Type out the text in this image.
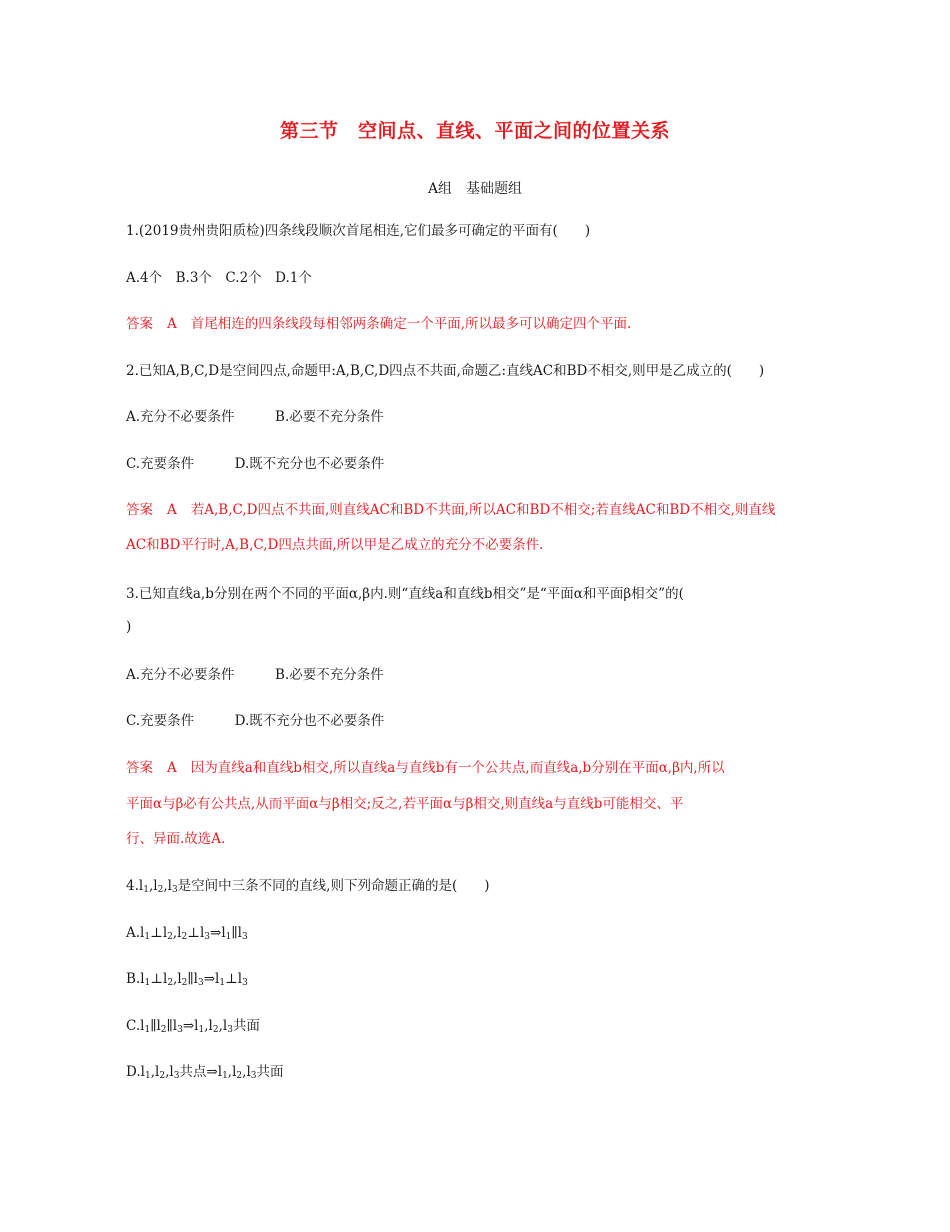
第三节　空间点、直线、平面之间的位置关系
A组　基础题组
1.(2019贵州贵阳质检)四条线段顺次首尾相连,它们最多可确定的平面有(　　)
A.4个　B.3个　C.2个　D.1个
答案 A 首尾相连的四条线段每相邻两条确定一个平面,所以最多可以确定四个平面.
2.已知A,B,C,D是空间四点,命题甲:A,B,C,D四点不共面,命题乙:直线AC和BD不相交,则甲是乙成立的(　　)
A.充分不必要条件　　　B.必要不充分条件
C.充要条件　　　D.既不充分也不必要条件
答案 A 若A,B,C,D四点不共面,则直线AC和BD不共面,所以AC和BD不相交;若直线AC和BD不相交,则直线
AC和BD平行时,A,B,C,D四点共面,所以甲是乙成立的充分不必要条件.
3.已知直线a,b分别在两个不同的平面α,β内.则“直线a和直线b相交”是“平面α和平面β相交”的(
)
A.充分不必要条件　　　B.必要不充分条件
C.充要条件　　　D.既不充分也不必要条件
答案 A 因为直线a和直线b相交,所以直线a与直线b有一个公共点,而直线a,b分别在平面α,β内,所以
平面α与β必有公共点,从而平面α与β相交;反之,若平面α与β相交,则直线a与直线b可能相交、平
行、异面.故选A.
$4.l_1,l_2,l_3$是空间中三条不同的直线,则下列命题正确的是(　　)
$A.l_1\perp l_2,l_2\perp l_3\Rightarrow l_1\parallel l_3$
$B.l_1\perp l_2,l_2\parallel l_3\Rightarrow l_1\perp l_3$
$C.l_1\parallel l_2\parallel l_3\Rightarrow l_1,l_2,l_3$共面
$D.l_1,l_2,l_3$共点$\Rightarrow l_1,l_2,l_3$共面
